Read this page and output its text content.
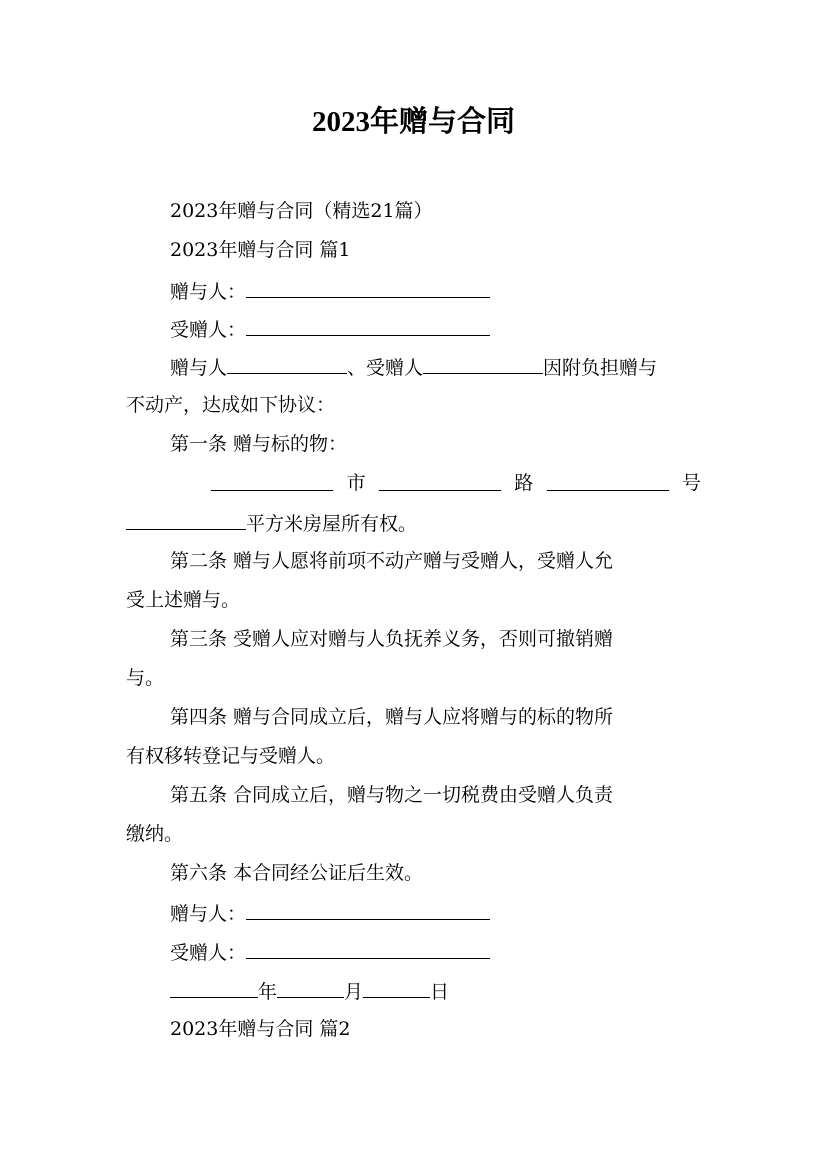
2023年赠与合同

2023年赠与合同（精选21篇）

2023年赠与合同 篇1

赠与人：

受赠人：

赠与人	、受赠人	因附负担赠与

不动产，达成如下协议：

第一条 赠与标的物：

市	路	号

平方米房屋所有权。

第二条 赠与人愿将前项不动产赠与受赠人，受赠人允

受上述赠与。

第三条 受赠人应对赠与人负抚养义务，否则可撤销赠

与。

第四条 赠与合同成立后，赠与人应将赠与的标的物所

有权移转登记与受赠人。

第五条 合同成立后，赠与物之一切税费由受赠人负责

缴纳。

第六条 本合同经公证后生效。

赠与人：

受赠人：

年	月	日

2023年赠与合同 篇2
